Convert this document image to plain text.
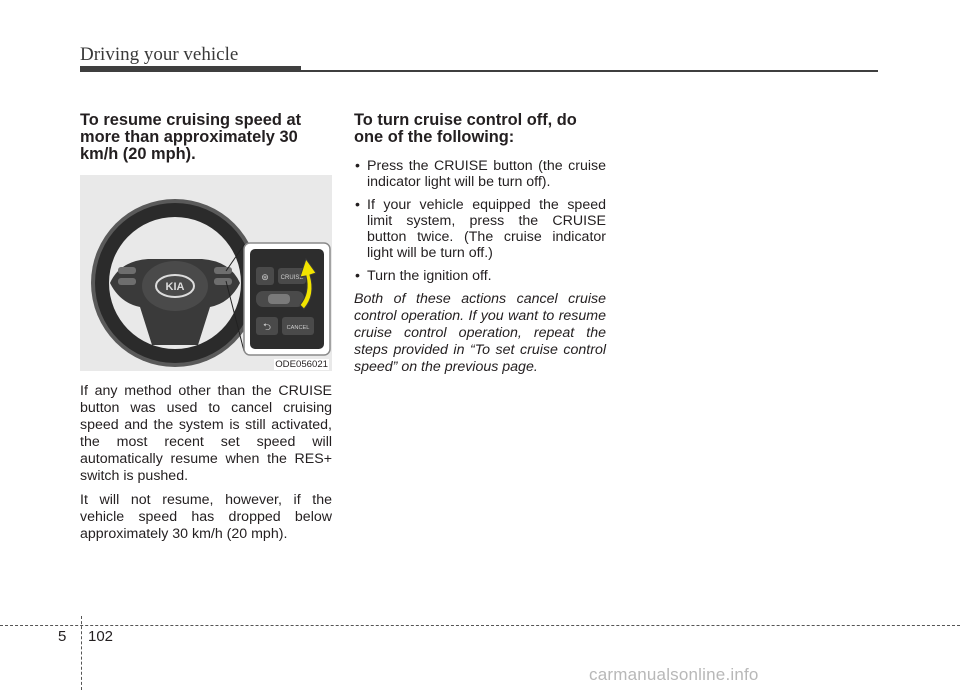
Driving your vehicle
To resume cruising speed at more than approximately 30 km/h (20 mph).
KIA
⊛ CRUISE
⮌	CANCEL
ODE056021

If any method other than the CRUISE button was used to cancel cruising speed and the system is still activated, the most recent set speed will automatically resume when the RES+ switch is pushed.

It will not resume, however, if the vehicle speed has dropped below approximately 30 km/h (20 mph).

To turn cruise control off, do one of the following:
• Press the CRUISE button (the cruise indicator light will be turn off).
• If your vehicle equipped the speed limit system, press the CRUISE button twice. (The cruise indicator light will be turn off.)
• Turn the ignition off.

Both of these actions cancel cruise control operation. If you want to resume cruise control operation, repeat the steps provided in “To set cruise control speed” on the previous page.

5 102
carmanualsonline.info
